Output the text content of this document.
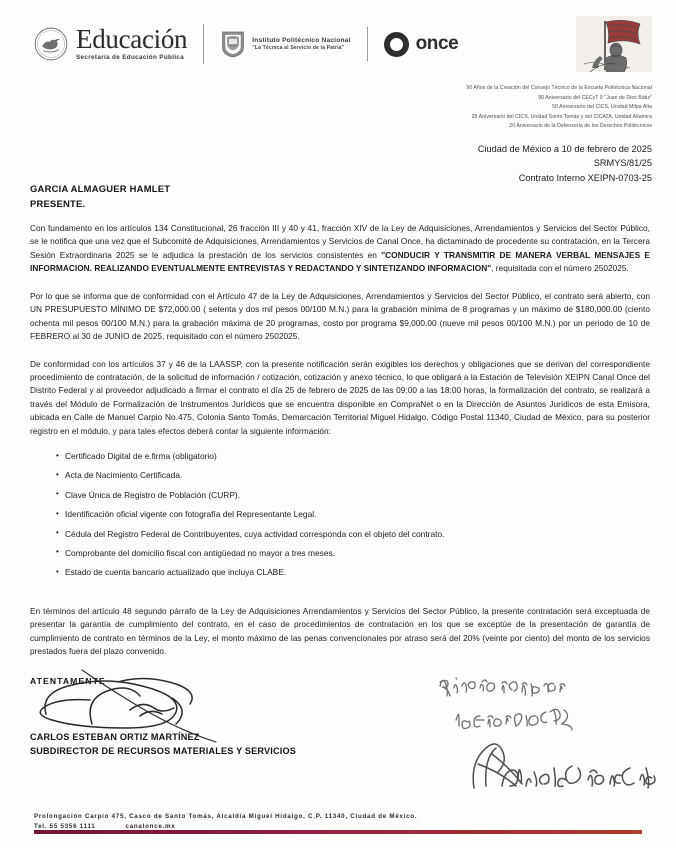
Educación
Secretaría de Educación Pública
Instituto Politécnico Nacional
"La Técnica al Servicio de la Patria"	once
90 Años de la Creación del Consejo Técnico de la Escuela Politécnica Nacional
90 Aniversario del CECyT 9 "Juan de Dios Bátiz"
50 Aniversario del CICS, Unidad Milpa Alta
25 Aniversario del CICS, Unidad Santo Tomás y del CICATA, Unidad Altamira
20 Aniversario de la Defensoría de los Derechos Politécnicos
Ciudad de México a 10 de febrero de 2025
SRMYS/81/25
Contrato Interno XEIPN-0703-25
GARCIA ALMAGUER HAMLET
PRESENTE.

Con fundamento en los artículos 134 Constitucional, 26 fracción III y 40 y 41, fracción XIV de la Ley de Adquisiciones, Arrendamientos y Servicios del Sector Público, se le notifica que una vez que el Subcomité de Adquisiciones, Arrendamientos y Servicios de Canal Once, ha dictaminado de procedente su contratación, en la Tercera Sesión Extraordinaria 2025 se le adjudica la prestación de los servicios consistentes en "CONDUCIR Y TRANSMITIR DE MANERA VERBAL MENSAJES E INFORMACION. REALIZANDO EVENTUALMENTE ENTREVISTAS Y REDACTANDO Y SINTETIZANDO INFORMACION", requisitada con el número 2502025.

Por lo que se informa que de conformidad con el Artículo 47 de la Ley de Adquisiciones, Arrendamientos y Servicios del Sector Público, el contrato será abierto, con UN PRESUPUESTO MÍNIMO DE $72,000.00 ( setenta y dos mil pesos 00/100 M.N.) para la grabación mínima de 8 programas y un máximo de $180,000.00 (ciento ochenta mil pesos 00/100 M.N.) para la grabación máxima de 20 programas, costo por programa $9,000.00 (nueve mil pesos 00/100 M.N.) por un periodo de 10 de FEBRERO al 30 de JUNIO de 2025, requisitado con el número 2502025.

De conformidad con los artículos 37 y 46 de la LAASSP, con la presente notificación serán exigibles los derechos y obligaciones que se derivan del correspondiente procedimiento de contratación, de la solicitud de información / cotización, cotización y anexo técnico, lo que obligará a la Estación de Televisión XEIPN Canal Once del Distrito Federal y al proveedor adjudicado a firmar el contrato el día 25 de febrero de 2025 de las 09:00 a las 18:00 horas, la formalización del contrato, se realizará a través del Módulo de Formalización de Instrumentos Jurídicos que se encuentra disponible en CompraNet o en la Dirección de Asuntos Jurídicos de esta Emisora, ubicada en Calle de Manuel Carpio No.475, Colonia Santo Tomás, Demarcación Territorial Miguel Hidalgo, Código Postal 11340, Ciudad de México, para su posterior registro en el módulo, y para tales efectos deberá contar la siguiente información:

• Certificado Digital de e.firma (obligatorio)
• Acta de Nacimiento Certificada.
• Clave Única de Registro de Población (CURP).
• Identificación oficial vigente con fotografía del Representante Legal.
• Cédula del Registro Federal de Contribuyentes, cuya actividad corresponda con el objeto del contrato.
• Comprobante del domicilio fiscal con antigüedad no mayor a tres meses.
• Estado de cuenta bancario actualizado que incluya CLABE.

En términos del artículo 48 segundo párrafo de la Ley de Adquisiciones Arrendamientos y Servicios del Sector Público, la presente contratación será exceptuada de presentar la garantía de cumplimiento del contrato, en el caso de procedimientos de contratación en los que se exceptúe de la presentación de garantía de cumplimiento de contrato en términos de la Ley, el monto máximo de las penas convencionales por atraso será del 20% (veinte por ciento) del monto de los servicios prestados fuera del plazo convenido.

ATENTAMENTE
CARLOS ESTEBAN ORTIZ MARTÍNEZ
SUBDIRECTOR DE RECURSOS MATERIALES Y SERVICIOS
Prolongación Carpio 475, Casco de Santo Tomás, Alcaldía Miguel Hidalgo, C.P. 11340, Ciudad de México.
Tel. 55 5356 1111	canalonce.mx
